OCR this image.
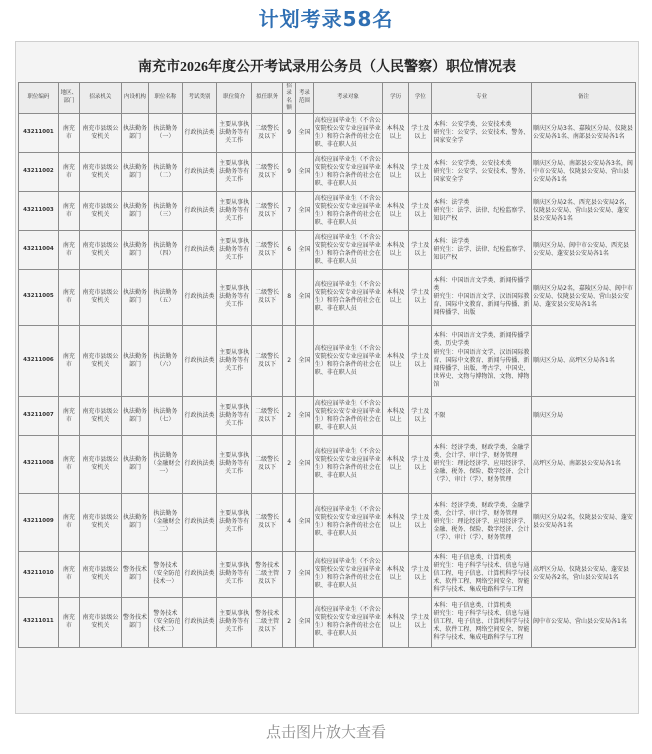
计划考录58名
南充市2026年度公开考试录用公务员（人民警察）职位情况表
职位编码	地区、部门	招录机关	内设机构	职位名称	考试类别	职位简介	拟任职务	招录名额	考录范围	考录对象	学历	学位	专业	备注
43211001	南充市	南充市县级公安机关	执法勤务部门	执法勤务（一）	行政执法类	主要从事执法勤务等有关工作	二级警长及以下	9	全国	高校应届毕业生（不含公安院校公安专业应届毕业生）和符合条件的社会在职、非在职人员	本科及以上	学士及以上	本科：公安学类、公安技术类
研究生：公安学、公安技术、警务、国家安全学	顺庆区分局3名、嘉陵区分局、仪陇县公安局各1名、南部县公安局各1名
43211002	南充市	南充市县级公安机关	执法勤务部门	执法勤务（二）	行政执法类	主要从事执法勤务等有关工作	二级警长及以下	9	全国	高校应届毕业生（不含公安院校公安专业应届毕业生）和符合条件的社会在职、非在职人员	本科及以上	学士及以上	本科：公安学类、公安技术类
研究生：公安学、公安技术、警务、国家安全学	顺庆区分局、南部县公安局各3名，阆中市公安局、仪陇县公安局、营山县公安局各1名
43211003	南充市	南充市县级公安机关	执法勤务部门	执法勤务（三）	行政执法类	主要从事执法勤务等有关工作	二级警长及以下	7	全国	高校应届毕业生（不含公安院校公安专业应届毕业生）和符合条件的社会在职、非在职人员	本科及以上	学士及以上	本科：法学类
研究生：法学、法律、纪检监察学、知识产权	顺庆区分局2名、西充县公安局2名，仪陇县公安局、营山县公安局、蓬安县公安局各1名
43211004	南充市	南充市县级公安机关	执法勤务部门	执法勤务（四）	行政执法类	主要从事执法勤务等有关工作	二级警长及以下	6	全国	高校应届毕业生（不含公安院校公安专业应届毕业生）和符合条件的社会在职、非在职人员	本科及以上	学士及以上	本科：法学类
研究生：法学、法律、纪检监察学、知识产权	顺庆区分局、阆中市公安局、西充县公安局、蓬安县公安局各1名
43211005	南充市	南充市县级公安机关	执法勤务部门	执法勤务（五）	行政执法类	主要从事执法勤务等有关工作	二级警长及以下	8	全国	高校应届毕业生（不含公安院校公安专业应届毕业生）和符合条件的社会在职、非在职人员	本科及以上	学士及以上	本科：中国语言文学类、新闻传播学类
研究生：中国语言文学、汉语国际教育、国际中文教育、新闻与传播、新闻传播学、出版	顺庆区分局2名，嘉陵区分局、阆中市公安局、仪陇县公安局、营山县公安局、蓬安县公安局各1名
43211006	南充市	南充市县级公安机关	执法勤务部门	执法勤务（六）	行政执法类	主要从事执法勤务等有关工作	二级警长及以下	2	全国	高校应届毕业生（不含公安院校公安专业应届毕业生）和符合条件的社会在职、非在职人员	本科及以上	学士及以上	本科：中国语言文学类、新闻传播学类、历史学类
研究生：中国语言文学、汉语国际教育、国际中文教育、新闻与传播、新闻传播学、出版、考古学、中国史、世界史、文物与博物馆、文物、博物馆	顺庆区分局、高坪区分局各1名
43211007	南充市	南充市县级公安机关	执法勤务部门	执法勤务（七）	行政执法类	主要从事执法勤务等有关工作	二级警长及以下	2	全国	高校应届毕业生（不含公安院校公安专业应届毕业生）和符合条件的社会在职、非在职人员	本科及以上	学士及以上	不限	顺庆区分局
43211008	南充市	南充市县级公安机关	执法勤务部门	执法勤务（金融财会一）	行政执法类	主要从事执法勤务等有关工作	二级警长及以下	2	全国	高校应届毕业生（不含公安院校公安专业应届毕业生）和符合条件的社会在职、非在职人员	本科及以上	学士及以上	本科：经济学类、财政学类、金融学类、会计学、审计学、财务管理
研究生：理论经济学、应用经济学、金融、税务、保险、数字经济、会计（学）、审计（学）、财务管理	高坪区分局、南部县公安局各1名
43211009	南充市	南充市县级公安机关	执法勤务部门	执法勤务（金融财会二）	行政执法类	主要从事执法勤务等有关工作	二级警长及以下	4	全国	高校应届毕业生（不含公安院校公安专业应届毕业生）和符合条件的社会在职、非在职人员	本科及以上	学士及以上	本科：经济学类、财政学类、金融学类、会计学、审计学、财务管理
研究生：理论经济学、应用经济学、金融、税务、保险、数字经济、会计（学）、审计（学）、财务管理	顺庆区分局2名，仪陇县公安局、蓬安县公安局各1名
43211010	南充市	南充市县级公安机关	警务技术部门	警务技术（安全防范技术一）	行政执法类	主要从事执法勤务等有关工作	警务技术二级主管及以下	7	全国	高校应届毕业生（不含公安院校公安专业应届毕业生）和符合条件的社会在职、非在职人员	本科及以上	学士及以上	本科：电子信息类、计算机类
研究生：电子科学与技术、信息与通信工程、电子信息、计算机科学与技术、软件工程、网络空间安全、智能科学与技术、集成电路科学与工程	高坪区分局、仪陇县公安局、蓬安县公安局各2名，营山县公安局1名
43211011	南充市	南充市县级公安机关	警务技术部门	警务技术（安全防范技术二）	行政执法类	主要从事执法勤务等有关工作	警务技术二级主管及以下	2	全国	高校应届毕业生（不含公安院校公安专业应届毕业生）和符合条件的社会在职、非在职人员	本科及以上	学士及以上	本科：电子信息类、计算机类
研究生：电子科学与技术、信息与通信工程、电子信息、计算机科学与技术、软件工程、网络空间安全、智能科学与技术、集成电路科学与工程	阆中市公安局、营山县公安局各1名
点击图片放大查看
